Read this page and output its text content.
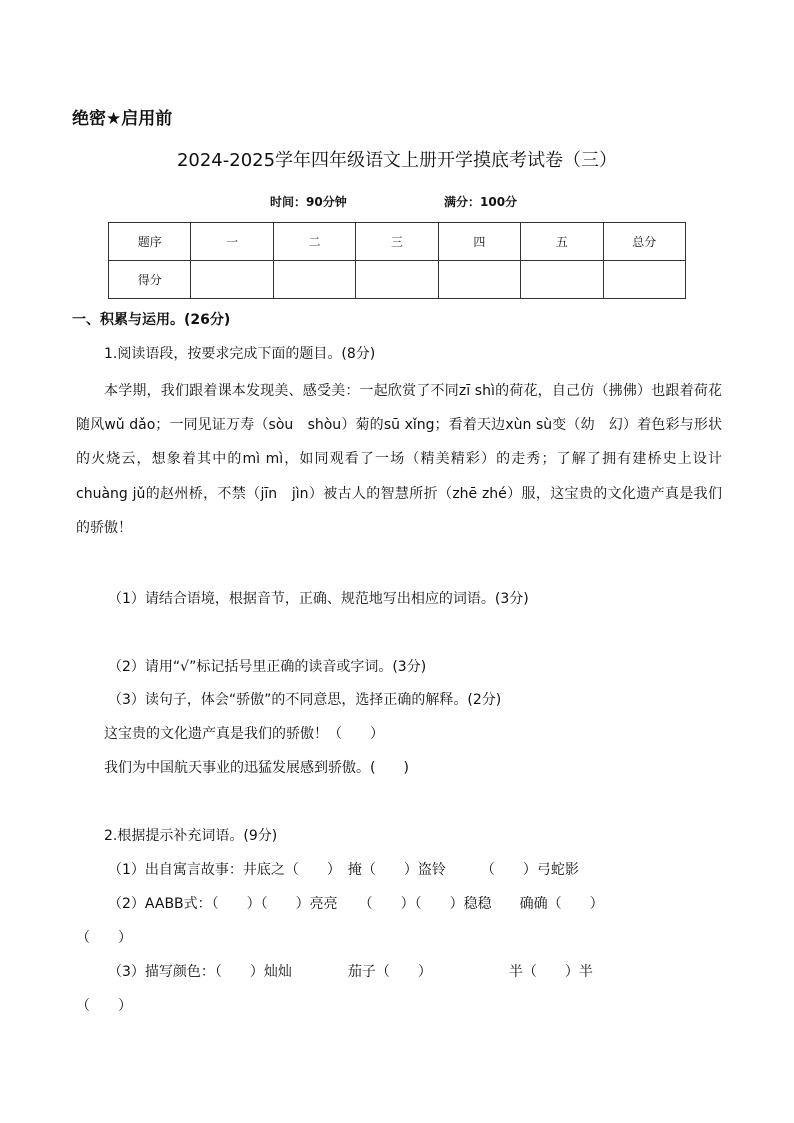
绝密★启用前
2024-2025学年四年级语文上册开学摸底考试卷（三）
时间：90分钟	满分：100分
题序	一	二	三	四	五	总分
得分						
一、积累与运用。(26分)
1.阅读语段，按要求完成下面的题目。(8分)
本学期，我们跟着课本发现美、感受美：一起欣赏了不同zī shì的荷花，自己仿（拂佛）也跟着荷花随风wǔ dǎo；一同见证万寿（sòu　shòu）菊的sū xǐng；看着天边xùn sù变（幼　幻）着色彩与形状的火烧云，想象着其中的mì mì，如同观看了一场（精美精彩）的走秀；了解了拥有建桥史上设计chuàng jǔ的赵州桥，不禁（jīn　jìn）被古人的智慧所折（zhē zhé）服，这宝贵的文化遗产真是我们的骄傲！
（1）请结合语境，根据音节，正确、规范地写出相应的词语。(3分)
（2）请用“√”标记括号里正确的读音或字词。(3分)
（3）读句子，体会“骄傲”的不同意思，选择正确的解释。(2分)
这宝贵的文化遗产真是我们的骄傲！（　　）
我们为中国航天事业的迅猛发展感到骄傲。(　　)
2.根据提示补充词语。(9分)
（1）出自寓言故事：井底之（　　）　掩（　　）盗铃　　　（　　）弓蛇影
（2）AABB式：（　　）（　　）亮亮　　（　　）（　　）稳稳　　确确（　　）
（　　）
（3）描写颜色：（　　）灿灿　　　　茄子（　　）　　　　　　半（　　）半
（　　）
